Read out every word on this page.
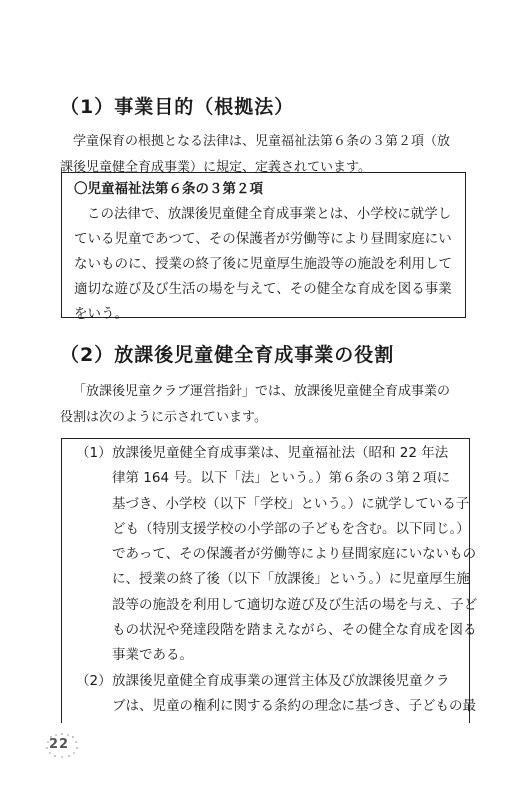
（1）事業目的（根拠法）
学童保育の根拠となる法律は、児童福祉法第６条の３第２項（放
課後児童健全育成事業）に規定、定義されています。
〇児童福祉法第６条の３第２項
この法律で、放課後児童健全育成事業とは、小学校に就学し
ている児童であつて、その保護者が労働等により昼間家庭にい
ないものに、授業の終了後に児童厚生施設等の施設を利用して
適切な遊び及び生活の場を与えて、その健全な育成を図る事業
をいう。
（2）放課後児童健全育成事業の役割
「放課後児童クラブ運営指針」では、放課後児童健全育成事業の
役割は次のように示されています。
（1） 放課後児童健全育成事業は、児童福祉法（昭和 22 年法
律第 164 号。以下「法」という。）第６条の３第２項に
基づき、小学校（以下「学校」という。）に就学している子
ども（特別支援学校の小学部の子どもを含む。以下同じ。）
であって、その保護者が労働等により昼間家庭にいないもの
に、授業の終了後（以下「放課後」という。）に児童厚生施
設等の施設を利用して適切な遊び及び生活の場を与え、子ど
もの状況や発達段階を踏まえながら、その健全な育成を図る
事業である。
（2） 放課後児童健全育成事業の運営主体及び放課後児童クラ
ブは、児童の権利に関する条約の理念に基づき、子どもの最
22
